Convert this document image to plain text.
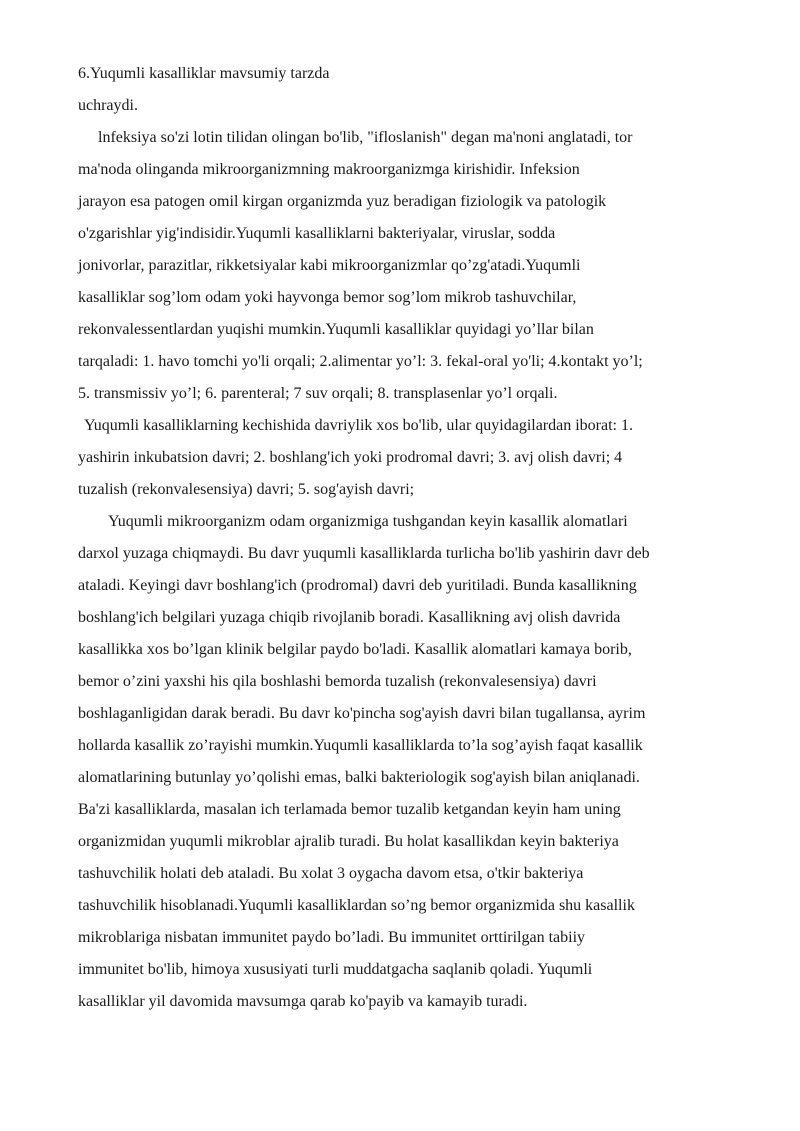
6.Yuqumli kasalliklar mavsumiy tarzda
uchraydi.
lnfeksiya so'zi lotin tilidan olingan bo'lib, "ifloslanish" degan ma'noni anglatadi, tor
ma'noda olinganda mikroorganizmning makroorganizmga kirishidir. Infeksion
jarayon esa patogen omil kirgan organizmda yuz beradigan fiziologik va patologik
o'zgarishlar yig'indisidir.Yuqumli kasalliklarni bakteriyalar, viruslar, sodda
jonivorlar, parazitlar, rikketsiyalar kabi mikroorganizmlar qo’zg'atadi.Yuqumli
kasalliklar sog’lom odam yoki hayvonga bemor sog’lom mikrob tashuvchilar,
rekonvalessentlardan yuqishi mumkin.Yuqumli kasalliklar quyidagi yo’llar bilan
tarqaladi: 1. havo tomchi yo'li orqali; 2.alimentar yo’l: 3. fekal-oral yo'li; 4.kontakt yo’l;
5. transmissiv yo’l; 6. parenteral; 7 suv orqali; 8. transplasenlar yo’l orqali.
Yuqumli kasalliklarning kechishida davriylik xos bo'lib, ular quyidagilardan iborat: 1.
yashirin inkubatsion davri; 2. boshlang'ich yoki prodromal davri; 3. avj olish davri; 4
tuzalish (rekonvalesensiya) davri; 5. sog'ayish davri;
Yuqumli mikroorganizm odam organizmiga tushgandan keyin kasallik alomatlari
darxol yuzaga chiqmaydi. Bu davr yuqumli kasalliklarda turlicha bo'lib yashirin davr deb
ataladi. Keyingi davr boshlang'ich (prodromal) davri deb yuritiladi. Bunda kasallikning
boshlang'ich belgilari yuzaga chiqib rivojlanib boradi. Kasallikning avj olish davrida
kasallikka xos bo’lgan klinik belgilar paydo bo'ladi. Kasallik alomatlari kamaya borib,
bemor o’zini yaxshi his qila boshlashi bemorda tuzalish (rekonvalesensiya) davri
boshlaganligidan darak beradi. Bu davr ko'pincha sog'ayish davri bilan tugallansa, ayrim
hollarda kasallik zo’rayishi mumkin.Yuqumli kasalliklarda to’la sog’ayish faqat kasallik
alomatlarining butunlay yo’qolishi emas, balki bakteriologik sog'ayish bilan aniqlanadi.
Ba'zi kasalliklarda, masalan ich terlamada bemor tuzalib ketgandan keyin ham uning
organizmidan yuqumli mikroblar ajralib turadi. Bu holat kasallikdan keyin bakteriya
tashuvchilik holati deb ataladi. Bu xolat 3 oygacha davom etsa, o'tkir bakteriya
tashuvchilik hisoblanadi.Yuqumli kasalliklardan so’ng bemor organizmida shu kasallik
mikroblariga nisbatan immunitet paydo bo’ladi. Bu immunitet orttirilgan tabiiy
immunitet bo'lib, himoya xususiyati turli muddatgacha saqlanib qoladi. Yuqumli
kasalliklar yil davomida mavsumga qarab ko'payib va kamayib turadi.
